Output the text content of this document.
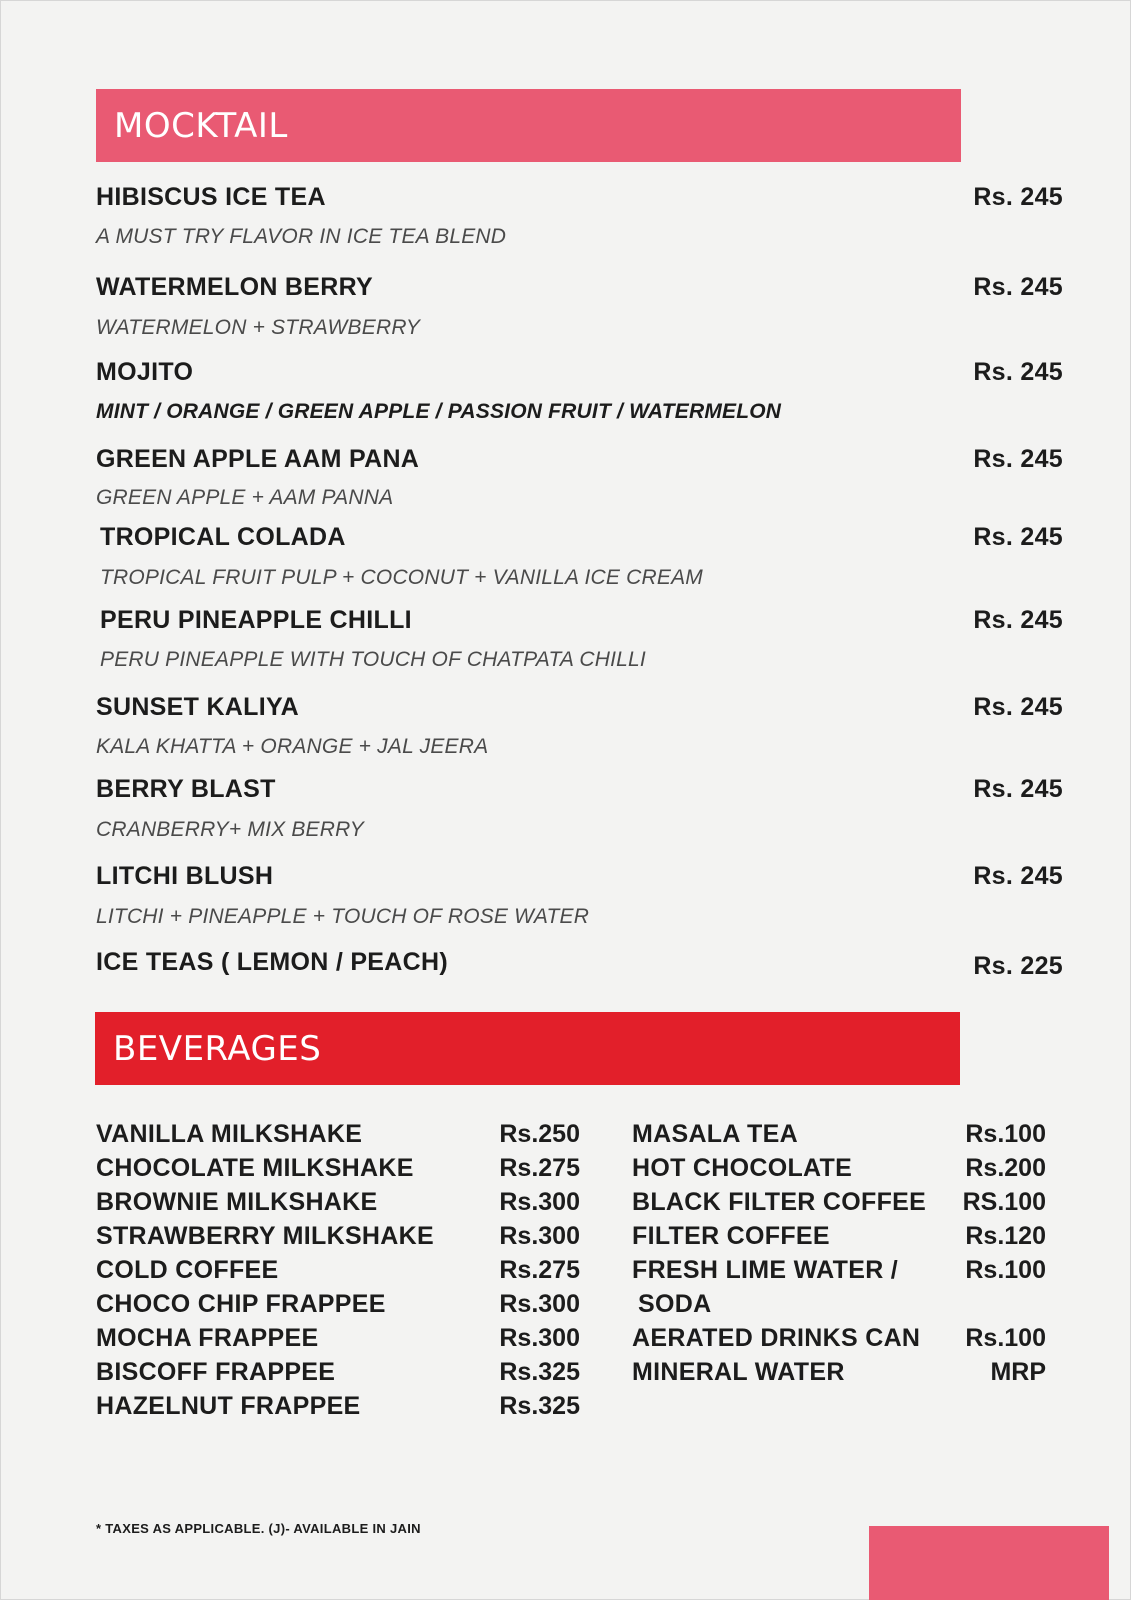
MOCKTAIL
HIBISCUS ICE TEA	Rs. 245
A MUST TRY FLAVOR IN ICE TEA BLEND
WATERMELON BERRY	Rs. 245
WATERMELON + STRAWBERRY
MOJITO	Rs. 245
MINT / ORANGE / GREEN APPLE / PASSION FRUIT / WATERMELON
GREEN APPLE AAM PANA	Rs. 245
GREEN APPLE + AAM PANNA
TROPICAL COLADA	Rs. 245
TROPICAL FRUIT PULP + COCONUT + VANILLA ICE CREAM
PERU PINEAPPLE CHILLI	Rs. 245
PERU PINEAPPLE WITH TOUCH OF CHATPATA CHILLI
SUNSET KALIYA	Rs. 245
KALA KHATTA + ORANGE + JAL JEERA
BERRY BLAST	Rs. 245
CRANBERRY+ MIX BERRY
LITCHI BLUSH	Rs. 245
LITCHI + PINEAPPLE + TOUCH OF ROSE WATER
ICE TEAS ( LEMON / PEACH)	Rs. 225
BEVERAGES
VANILLA MILKSHAKE	Rs.250
CHOCOLATE MILKSHAKE	Rs.275
BROWNIE MILKSHAKE	Rs.300
STRAWBERRY MILKSHAKE	Rs.300
COLD COFFEE	Rs.275
CHOCO CHIP FRAPPEE	Rs.300
MOCHA FRAPPEE	Rs.300
BISCOFF FRAPPEE	Rs.325
HAZELNUT FRAPPEE	Rs.325
MASALA TEA	Rs.100
HOT CHOCOLATE	Rs.200
BLACK FILTER COFFEE RS.100
FILTER COFFEE	Rs.120
FRESH LIME WATER /	Rs.100
SODA
AERATED DRINKS CAN Rs.100
MINERAL WATER	MRP
* TAXES AS APPLICABLE. (J)- AVAILABLE IN JAIN
